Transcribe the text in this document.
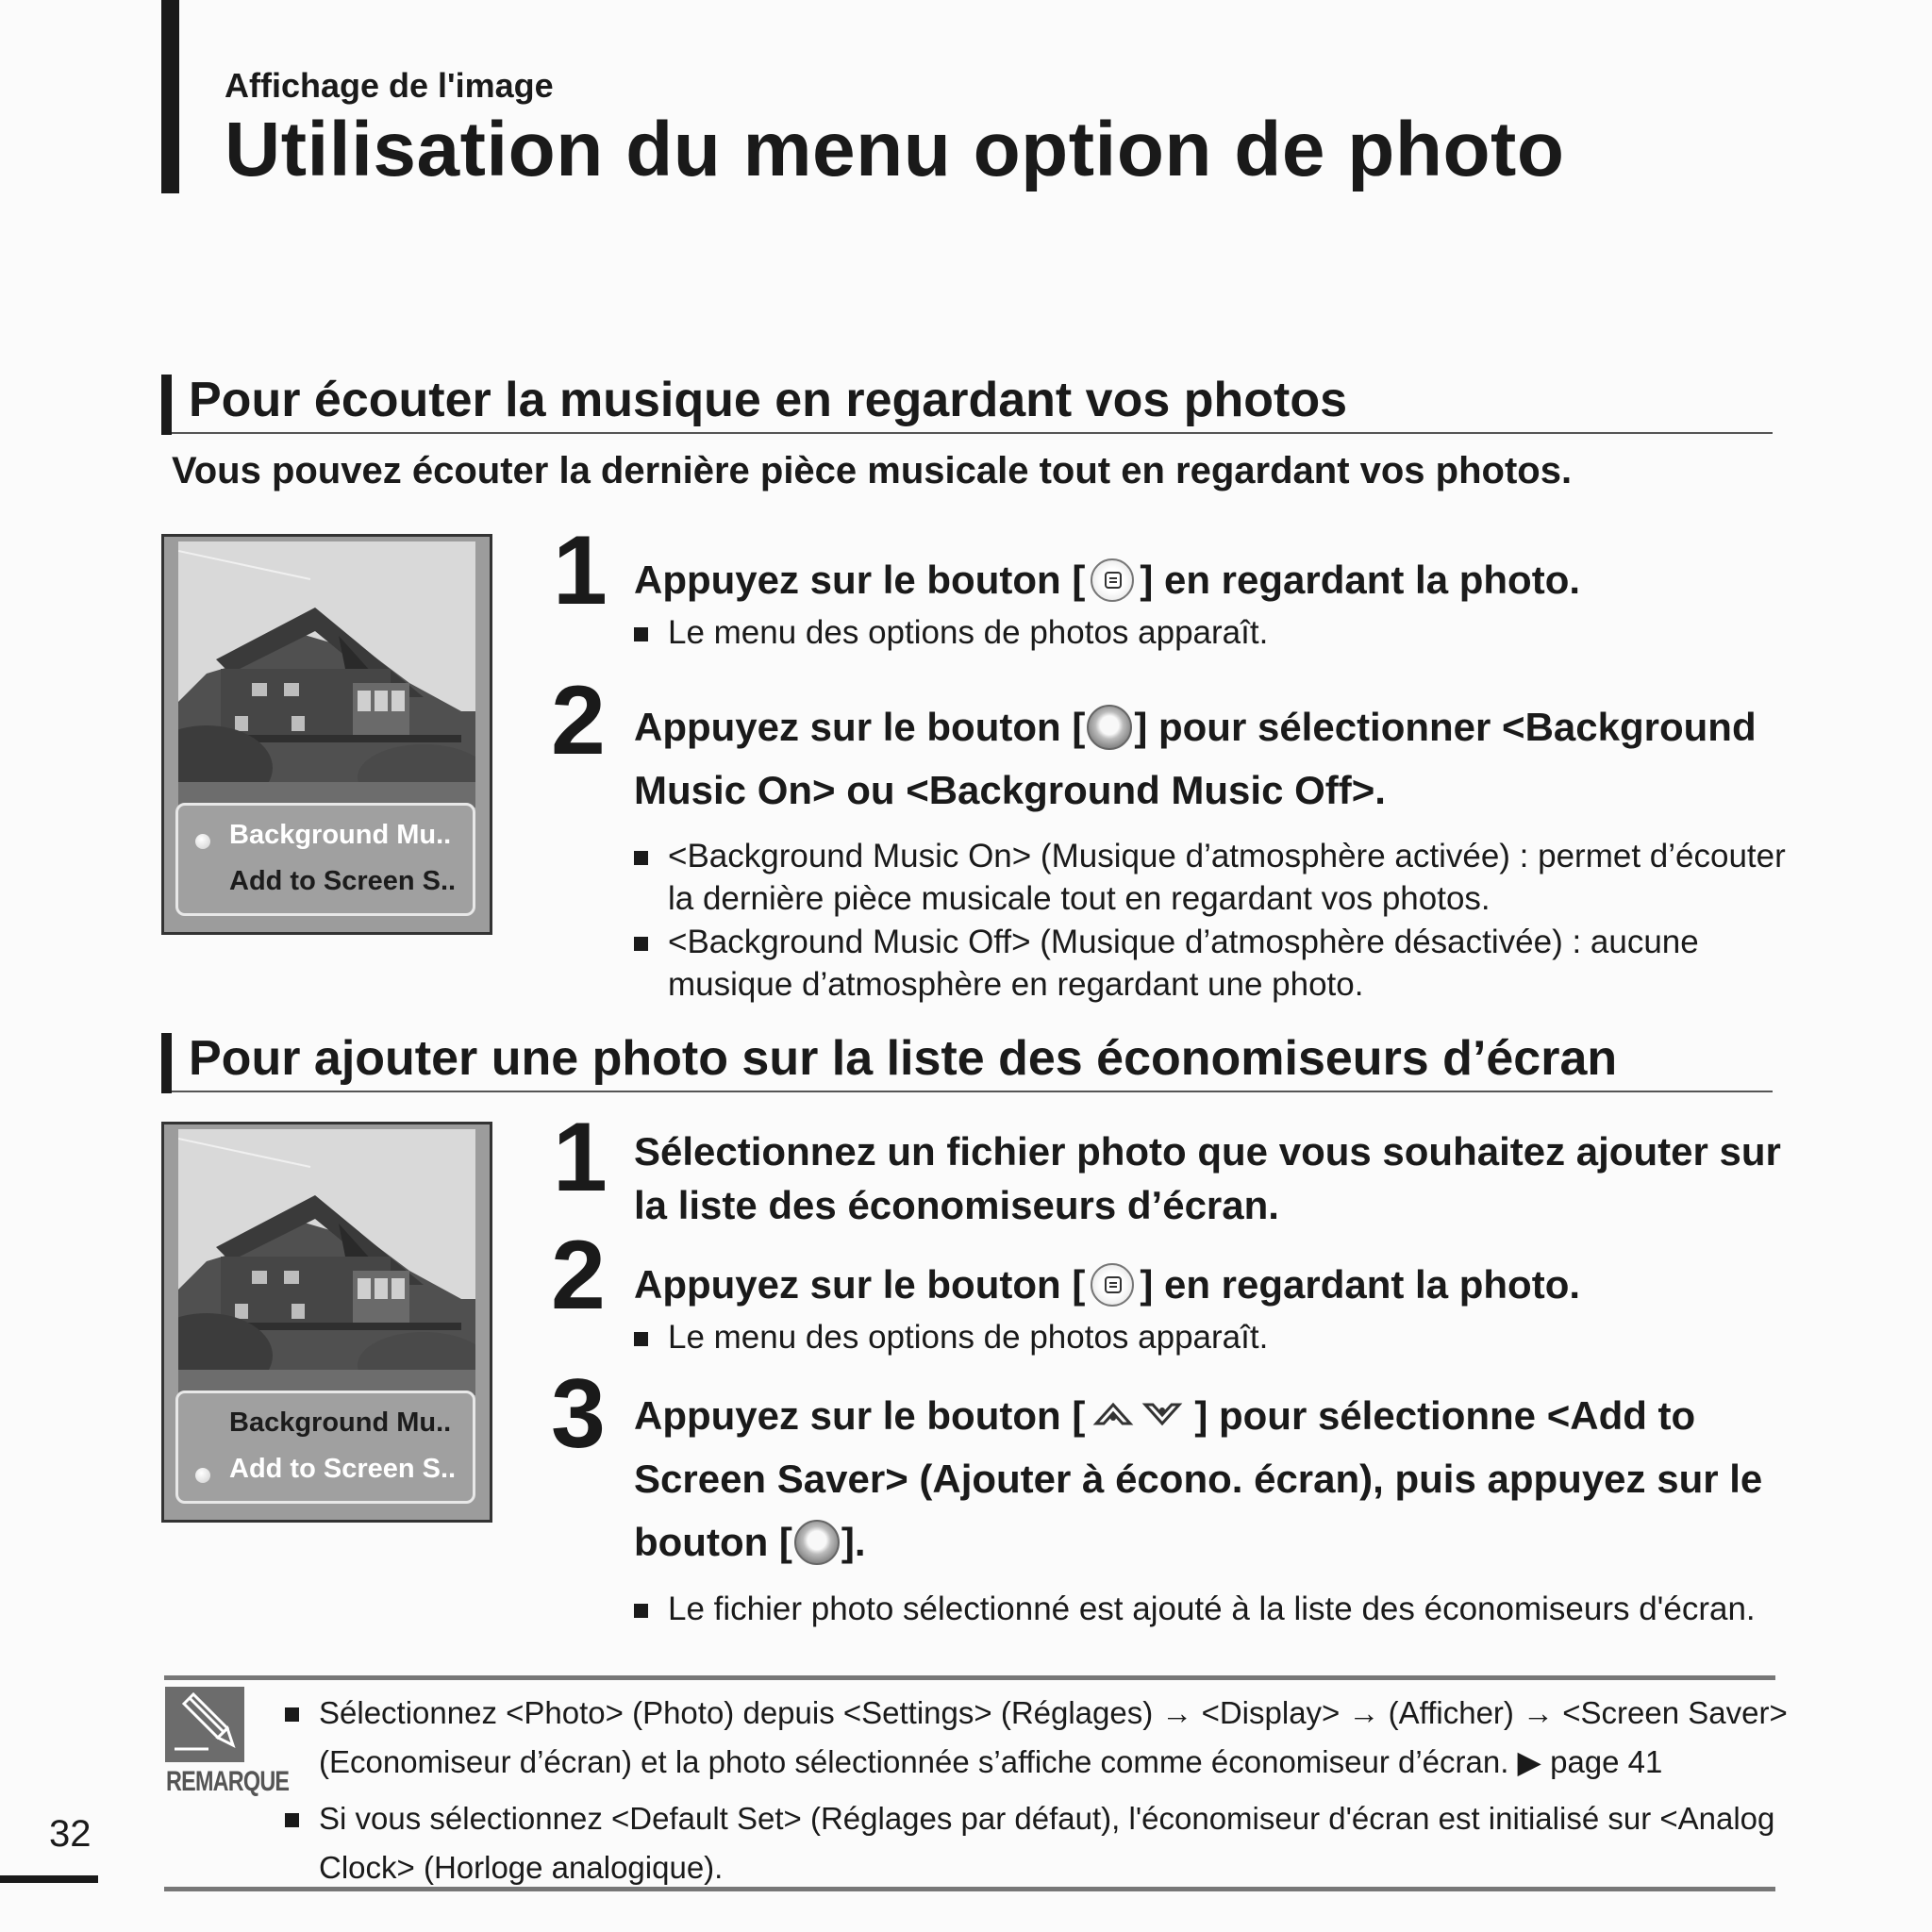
Affichage de l'image
Utilisation du menu option de photo
Pour écouter la musique en regardant vos photos
Vous pouvez écouter la dernière pièce musicale tout en regardant vos photos.
Background Mu..
Add to Screen S..
1 Appuyez sur le bouton [ ] en regardant la photo.
Le menu des options de photos apparaît.
2 Appuyez sur le bouton [ ] pour sélectionner <Background
Music On> ou <Background Music Off>.
<Background Music On> (Musique d’atmosphère activée) : permet d’écouter la dernière pièce musicale tout en regardant vos photos.
<Background Music Off> (Musique d’atmosphère désactivée) : aucune musique d’atmosphère en regardant une photo.
Pour ajouter une photo sur la liste des économiseurs d’écran
Background Mu..
Add to Screen S..
1 Sélectionnez un fichier photo que vous souhaitez ajouter sur la liste des économiseurs d’écran.
2 Appuyez sur le bouton [ ] en regardant la photo.
Le menu des options de photos apparaît.
3 Appuyez sur le bouton [	] pour sélectionne <Add to
Screen Saver> (Ajouter à écono. écran), puis appuyez sur le
bouton [ ].
Le fichier photo sélectionné est ajouté à la liste des économiseurs d'écran.
REMARQUE
Sélectionnez <Photo> (Photo) depuis <Settings> (Réglages) → <Display> → (Afficher) → <Screen Saver> (Economiseur d’écran) et la photo sélectionnée s’affiche comme économiseur d’écran. ▶ page 41
Si vous sélectionnez <Default Set> (Réglages par défaut), l'économiseur d'écran est initialisé sur <Analog Clock> (Horloge analogique).
32
